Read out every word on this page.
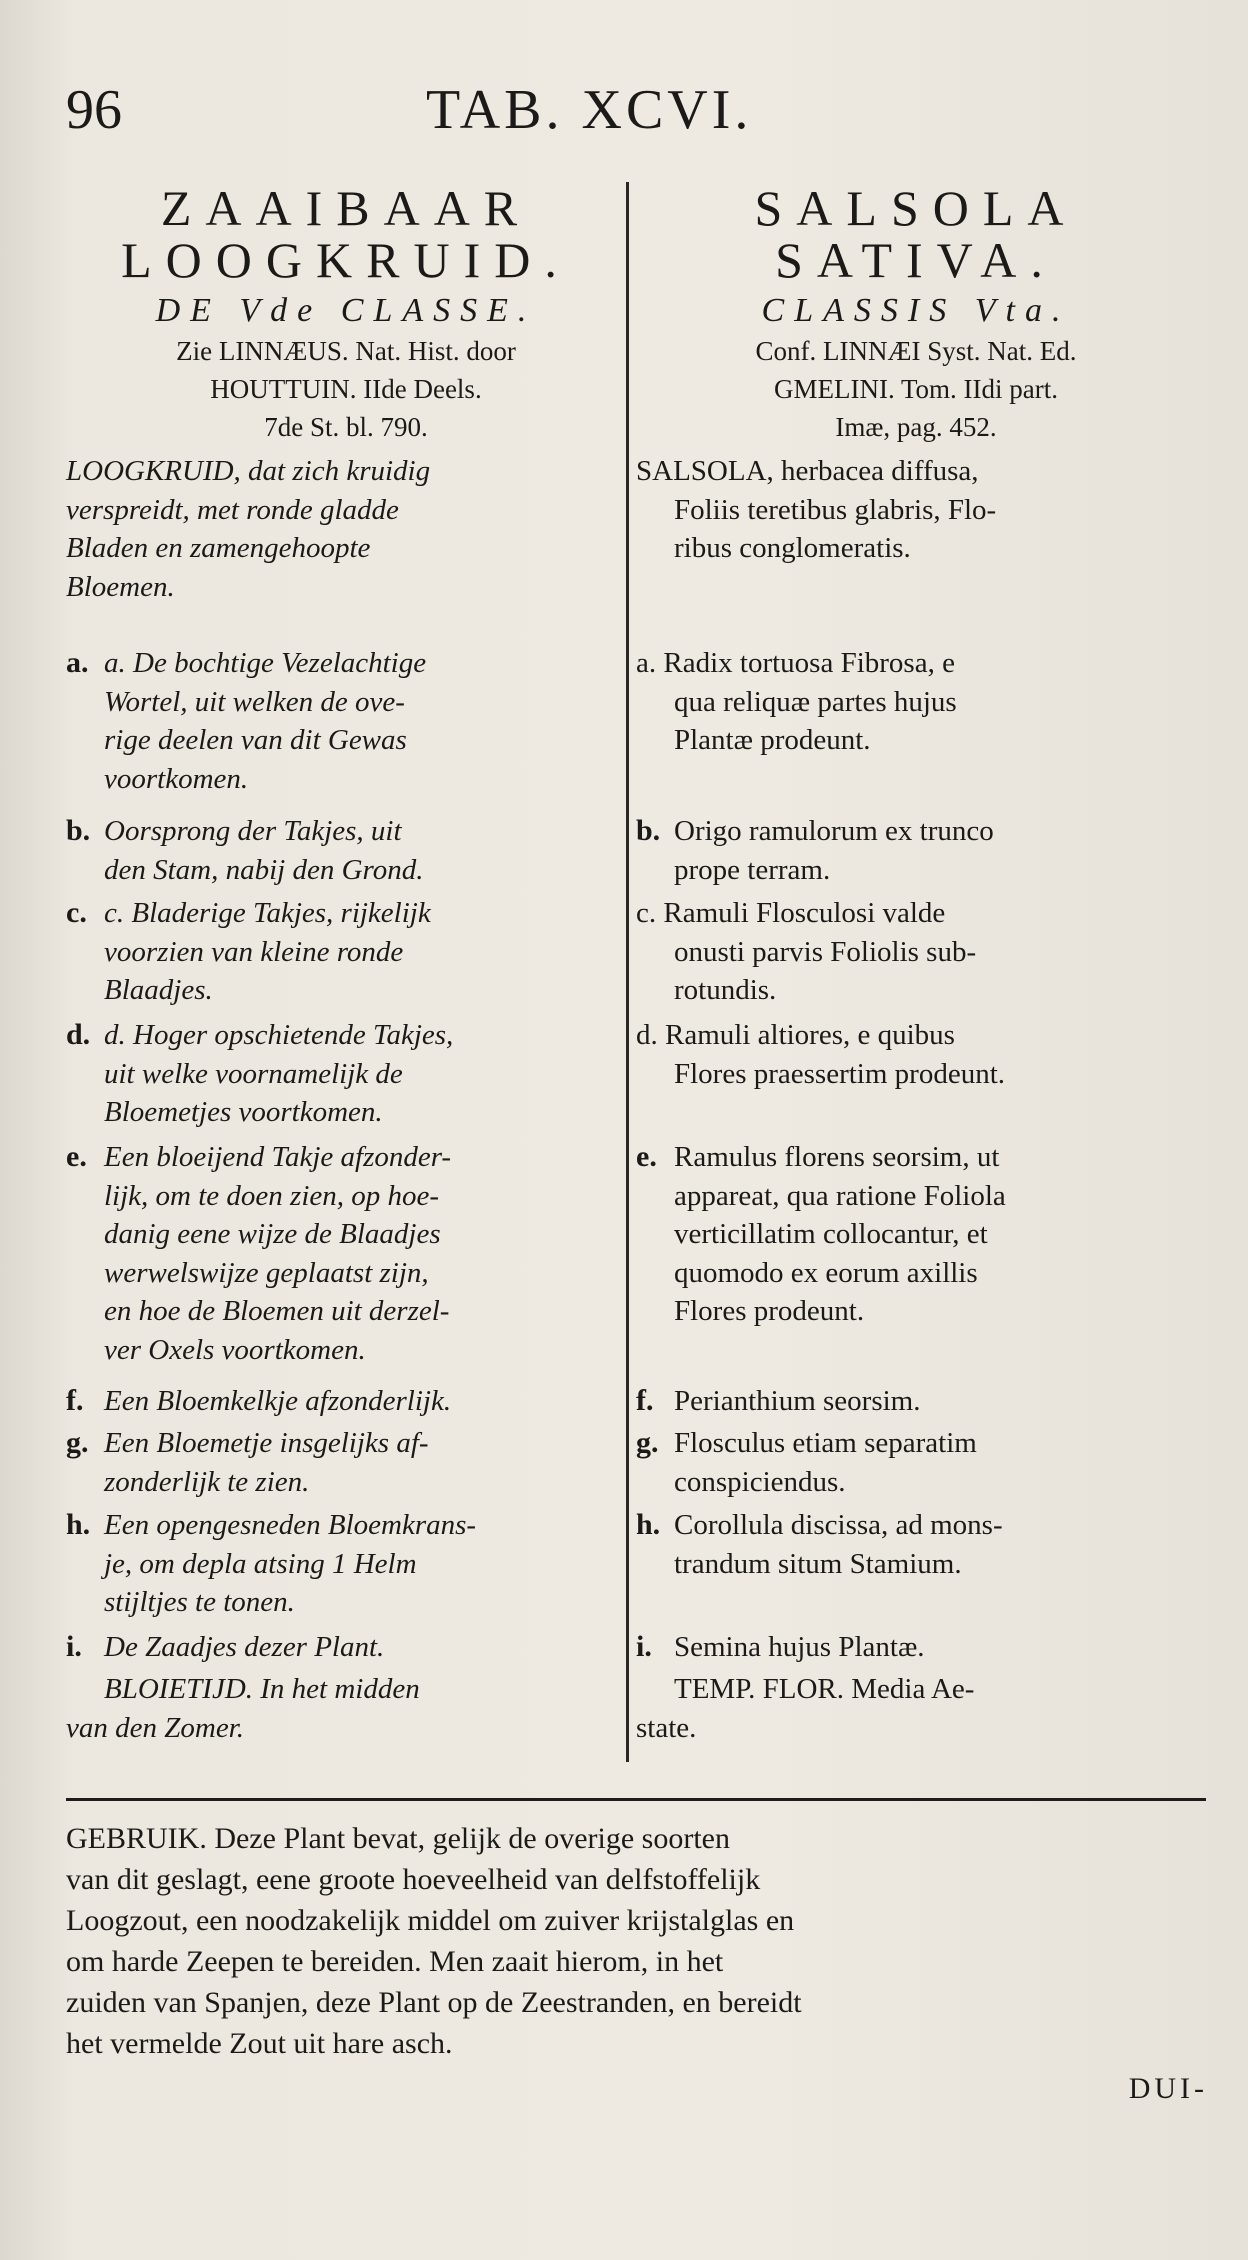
96	TAB. XCVI.
ZAAIBAAR
LOOGKRUID.
DE Vde CLASSE.
Zie LINNÆUS. Nat. Hist. door
HOUTTUIN. IIde Deels.
7de St. bl. 790.
LOOGKRUID, dat zich kruidig
verspreidt, met ronde gladde
Bladen en zamengehoopte
Bloemen.
a. a. De bochtige Vezelachtige
Wortel, uit welken de ove-
rige deelen van dit Gewas
voortkomen.
b. Oorsprong der Takjes, uit
den Stam, nabij den Grond.
c. c. Bladerige Takjes, rijkelijk
voorzien van kleine ronde
Blaadjes.
d. d. Hoger opschietende Takjes,
uit welke voornamelijk de
Bloemetjes voortkomen.
e. Een bloeijend Takje afzonder-
lijk, om te doen zien, op hoe-
danig eene wijze de Blaadjes
werwelswijze geplaatst zijn,
en hoe de Bloemen uit derzel-
ver Oxels voortkomen.
f. Een Bloemkelkje afzonderlijk.
g. Een Bloemetje insgelijks af-
zonderlijk te zien.
h. Een opengesneden Bloemkrans-
je, om depla atsing 1 Helm
stijltjes te tonen.
i. De Zaadjes dezer Plant.
BLOIETIJD. In het midden
van den Zomer.
SALSOLA
SATIVA.
CLASSIS Vta.
Conf. LINNÆI Syst. Nat. Ed.
GMELINI. Tom. IIdi part.
Imæ, pag. 452.
SALSOLA, herbacea diffusa,
Foliis teretibus glabris, Flo-
ribus conglomeratis.
a. Radix tortuosa Fibrosa, e
qua reliquæ partes hujus
Plantæ prodeunt.
b. Origo ramulorum ex trunco
prope terram.
c. Ramuli Flosculosi valde
onusti parvis Foliolis sub-
rotundis.
d. Ramuli altiores, e quibus
Flores praessertim prodeunt.
e. Ramulus florens seorsim, ut
appareat, qua ratione Foliola
verticillatim collocantur, et
quomodo ex eorum axillis
Flores prodeunt.
f. Perianthium seorsim.
g. Flosculus etiam separatim
conspiciendus.
h. Corollula discissa, ad mons-
trandum situm Stamium.
i. Semina hujus Plantæ.
TEMP. FLOR. Media Ae-
state.
GEBRUIK. Deze Plant bevat, gelijk de overige soorten
van dit geslagt, eene groote hoeveelheid van delfstoffelijk
Loogzout, een noodzakelijk middel om zuiver krijstalglas en
om harde Zeepen te bereiden. Men zaait hierom, in het
zuiden van Spanjen, deze Plant op de Zeestranden, en bereidt
het vermelde Zout uit hare asch.
DUI-
